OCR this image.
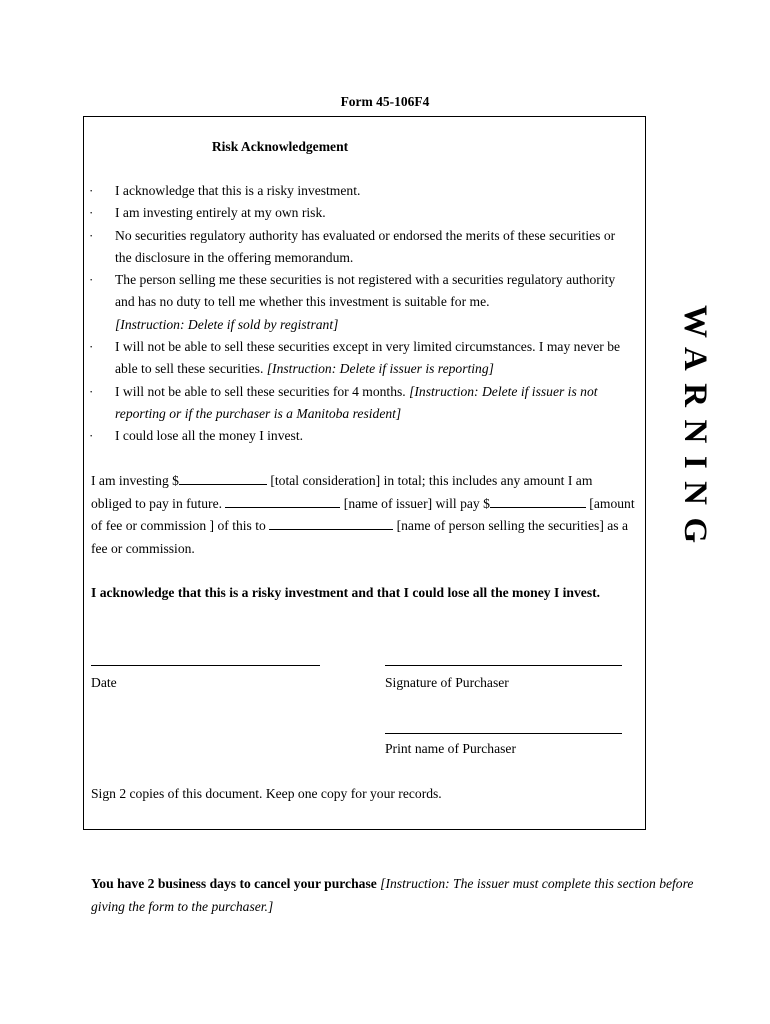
Form 45-106F4
Risk Acknowledgement
·	I acknowledge that this is a risky investment.
·	I am investing entirely at my own risk.
·	No securities regulatory authority has evaluated or endorsed the merits of these securities or the disclosure in the offering memorandum.
·	The person selling me these securities is not registered with a securities regulatory authority and has no duty to tell me whether this investment is suitable for me.
[Instruction: Delete if sold by registrant]
·	I will not be able to sell these securities except in very limited circumstances. I may never be able to sell these securities. [Instruction: Delete if issuer is reporting]
·	I will not be able to sell these securities for 4 months. [Instruction: Delete if issuer is not reporting or if the purchaser is a Manitoba resident]
·	I could lose all the money I invest.
I am investing $	[total consideration] in total; this includes any amount I am obliged to pay in future.	[name of issuer] will pay $	[amount of fee or commission ] of this to	[name of person selling the securities] as a fee or commission.
I acknowledge that this is a risky investment and that I could lose all the money I invest.
Date	Signature of Purchaser
Print name of Purchaser
Sign 2 copies of this document. Keep one copy for your records.
WARNING
You have 2 business days to cancel your purchase [Instruction: The issuer must complete this section before giving the form to the purchaser.]
